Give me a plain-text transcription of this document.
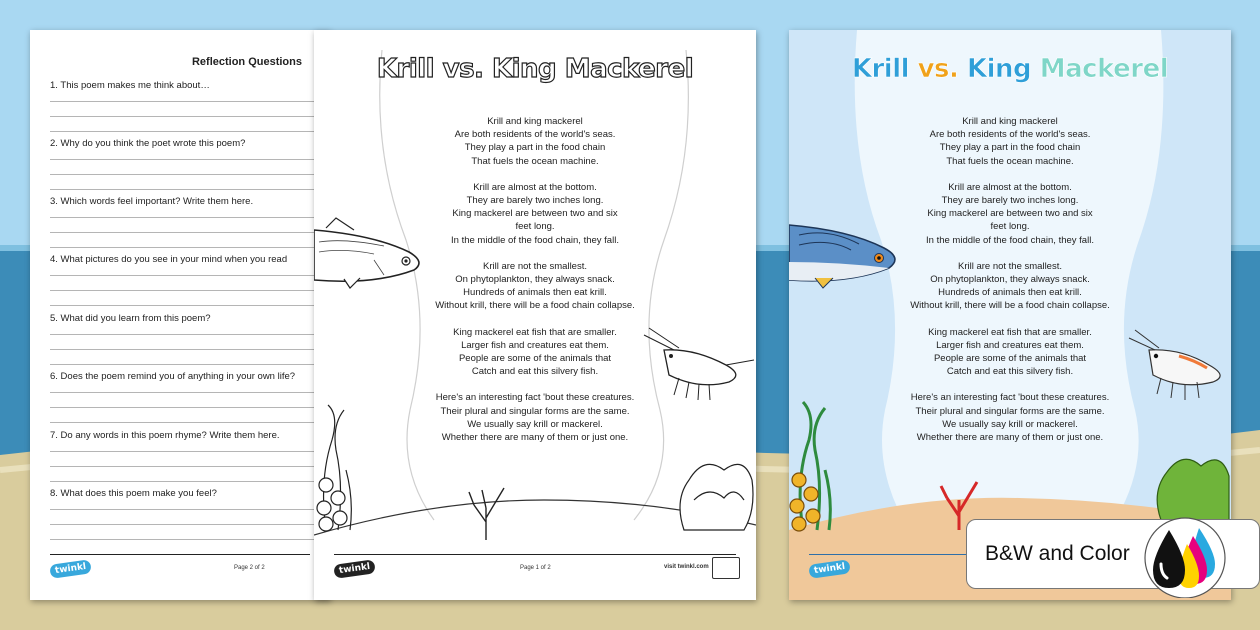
Reflection Questions
1. This poem makes me think about…
2. Why do you think the poet wrote this poem?
3. Which words feel important? Write them here.
4. What pictures do you see in your mind when you read
5. What did you learn from this poem?
6. Does the poem remind you of anything in your own life?
7. Do any words in this poem rhyme? Write them here.
8. What does this poem make you feel?
twinkl	Page 2 of 2
Krill vs. King Mackerel
Krill and king mackerel
Are both residents of the world's seas.
They play a part in the food chain
That fuels the ocean machine.
Krill are almost at the bottom.
They are barely two inches long.
King mackerel are between two and six
feet long.
In the middle of the food chain, they fall.
Krill are not the smallest.
On phytoplankton, they always snack.
Hundreds of animals then eat krill.
Without krill, there will be a food chain collapse.
King mackerel eat fish that are smaller.
Larger fish and creatures eat them.
People are some of the animals that
Catch and eat this silvery fish.
Here's an interesting fact 'bout these creatures.
Their plural and singular forms are the same.
We usually say krill or mackerel.
Whether there are many of them or just one.
twinkl	Page 1 of 2	visit twinkl.com
Krill vs. King Mackerel
Krill and king mackerel
Are both residents of the world's seas.
They play a part in the food chain
That fuels the ocean machine.
Krill are almost at the bottom.
They are barely two inches long.
King mackerel are between two and six
feet long.
In the middle of the food chain, they fall.
Krill are not the smallest.
On phytoplankton, they always snack.
Hundreds of animals then eat krill.
Without krill, there will be a food chain collapse.
King mackerel eat fish that are smaller.
Larger fish and creatures eat them.
People are some of the animals that
Catch and eat this silvery fish.
Here's an interesting fact 'bout these creatures.
Their plural and singular forms are the same.
We usually say krill or mackerel.
Whether there are many of them or just one.
twinkl
B&W and Color
